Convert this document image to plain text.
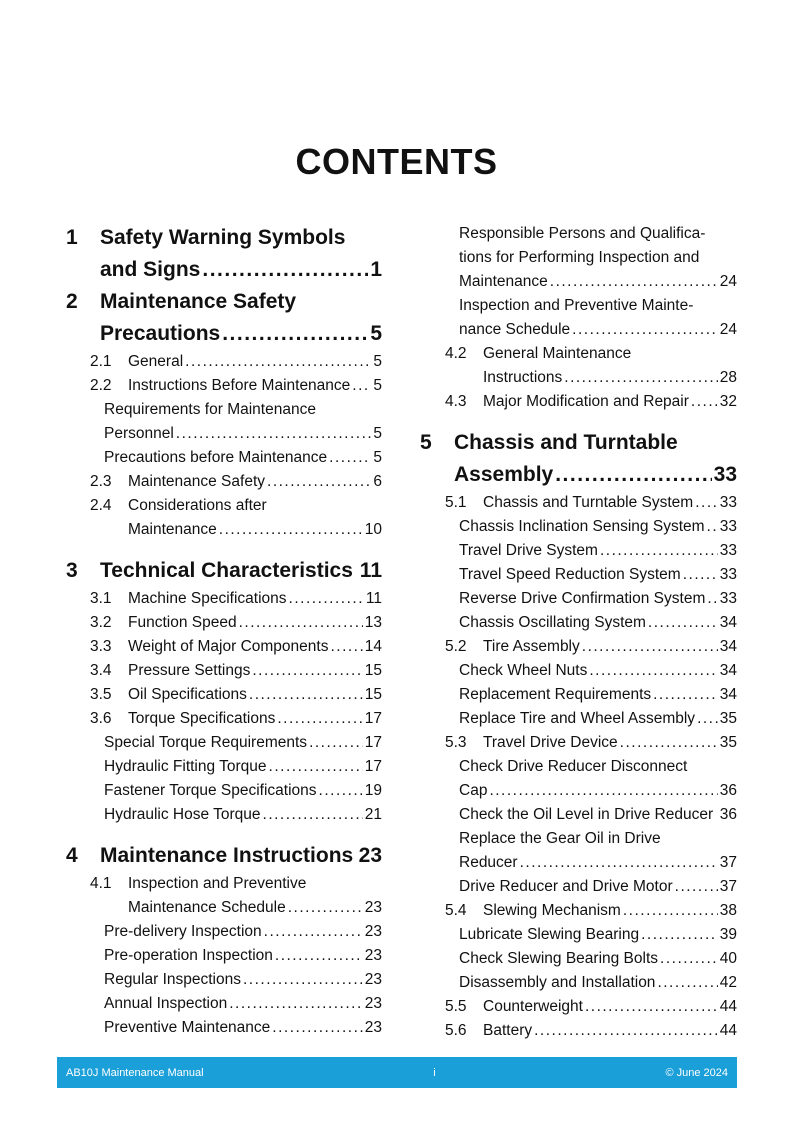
CONTENTS
1	Safety Warning Symbols
and Signs .....	1
2	Maintenance Safety
Precautions .....	5
2.1 General .....	5
2.2 Instructions Before Maintenance ..... 5
Requirements for Maintenance
Personnel .....	5
Precautions before Maintenance .....	5
2.3 Maintenance Safety .....	6
2.4	Considerations after
Maintenance .....	10
3 Technical Characteristics 11
3.1 Machine Specifications .....	11
3.2 Function Speed .....	13
3.3 Weight of Major Components ..... 14
3.4 Pressure Settings .....	15
3.5 Oil Specifications .....	15
3.6 Torque Specifications .....	17
Special Torque Requirements .....	17
Hydraulic Fitting Torque .....	17
Fastener Torque Specifications .....	19
Hydraulic Hose Torque .....	21
4 Maintenance Instructions 23
4.1	Inspection and Preventive
Maintenance Schedule .....	23
Pre-delivery Inspection .....	23
Pre-operation Inspection .....	23
Regular Inspections .....	23
Annual Inspection .....	23
Preventive Maintenance .....	23
Responsible Persons and Qualifica-
tions for Performing Inspection and
Maintenance .....	24
Inspection and Preventive Mainte-
nance Schedule .....	24
4.2	General Maintenance
Instructions .....	28
4.3 Major Modification and Repair ..... 32
5	Chassis and Turntable
Assembly .....	33
5.1 Chassis and Turntable System ..... 33
Chassis Inclination Sensing System ..... 33
Travel Drive System .....	33
Travel Speed Reduction System .....	33
Reverse Drive Confirmation System ..... 33
Chassis Oscillating System .....	34
5.2 Tire Assembly .....	34
Check Wheel Nuts .....	34
Replacement Requirements .....	34
Replace Tire and Wheel Assembly ..... 35
5.3 Travel Drive Device .....	35
Check Drive Reducer Disconnect
Cap .....	36
Check the Oil Level in Drive Reducer 36
Replace the Gear Oil in Drive
Reducer .....	37
Drive Reducer and Drive Motor .....	37
5.4 Slewing Mechanism .....	38
Lubricate Slewing Bearing .....	39
Check Slewing Bearing Bolts .....	40
Disassembly and Installation .....	42
5.5 Counterweight .....	44
5.6 Battery .....	44
AB10J Maintenance Manual	i	© June 2024
